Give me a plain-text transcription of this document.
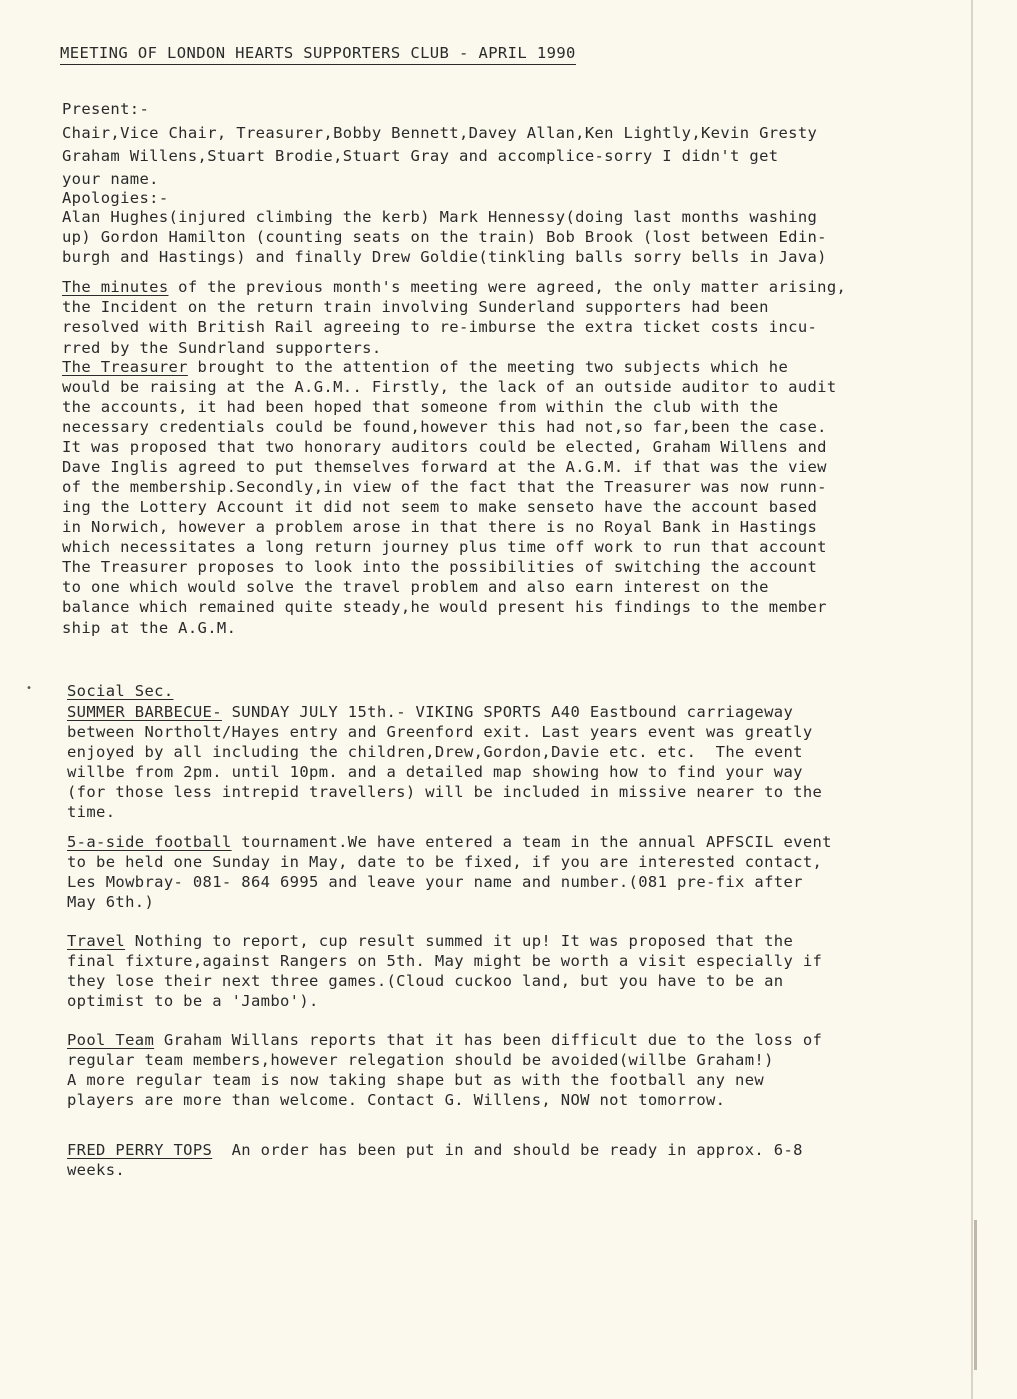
MEETING OF LONDON HEARTS SUPPORTERS CLUB - APRIL 1990
Present:-
Chair,Vice Chair, Treasurer,Bobby Bennett,Davey Allan,Ken Lightly,Kevin Gresty
Graham Willens,Stuart Brodie,Stuart Gray and accomplice-sorry I didn't get
your name.
Apologies:-
Alan Hughes(injured climbing the kerb) Mark Hennessy(doing last months washing
up) Gordon Hamilton (counting seats on the train) Bob Brook (lost between Edin-
burgh and Hastings) and finally Drew Goldie(tinkling balls sorry bells in Java)
The minutes of the previous month's meeting were agreed, the only matter arising,
the Incident on the return train involving Sunderland supporters had been
resolved with British Rail agreeing to re-imburse the extra ticket costs incu-
rred by the Sundrland supporters.
The Treasurer brought to the attention of the meeting two subjects which he
would be raising at the A.G.M.. Firstly, the lack of an outside auditor to audit
the accounts, it had been hoped that someone from within the club with the
necessary credentials could be found,however this had not,so far,been the case.
It was proposed that two honorary auditors could be elected, Graham Willens and
Dave Inglis agreed to put themselves forward at the A.G.M. if that was the view
of the membership.Secondly,in view of the fact that the Treasurer was now runn-
ing the Lottery Account it did not seem to make senseto have the account based
in Norwich, however a problem arose in that there is no Royal Bank in Hastings
which necessitates a long return journey plus time off work to run that account
The Treasurer proposes to look into the possibilities of switching the account
to one which would solve the travel problem and also earn interest on the
balance which remained quite steady,he would present his findings to the member
ship at the A.G.M.
• Social Sec.
SUMMER BARBECUE- SUNDAY JULY 15th.- VIKING SPORTS A40 Eastbound carriageway
between Northolt/Hayes entry and Greenford exit. Last years event was greatly
enjoyed by all including the children,Drew,Gordon,Davie etc. etc.  The event
willbe from 2pm. until 10pm. and a detailed map showing how to find your way
(for those less intrepid travellers) will be included in missive nearer to the
time.
5-a-side football tournament.We have entered a team in the annual APFSCIL event
to be held one Sunday in May, date to be fixed, if you are interested contact,
Les Mowbray- 081- 864 6995 and leave your name and number.(081 pre-fix after
May 6th.)
Travel Nothing to report, cup result summed it up! It was proposed that the
final fixture,against Rangers on 5th. May might be worth a visit especially if
they lose their next three games.(Cloud cuckoo land, but you have to be an
optimist to be a 'Jambo').
Pool Team Graham Willans reports that it has been difficult due to the loss of
regular team members,however relegation should be avoided(willbe Graham!)
A more regular team is now taking shape but as with the football any new
players are more than welcome. Contact G. Willens, NOW not tomorrow.
FRED PERRY TOPS  An order has been put in and should be ready in approx. 6-8
weeks.
